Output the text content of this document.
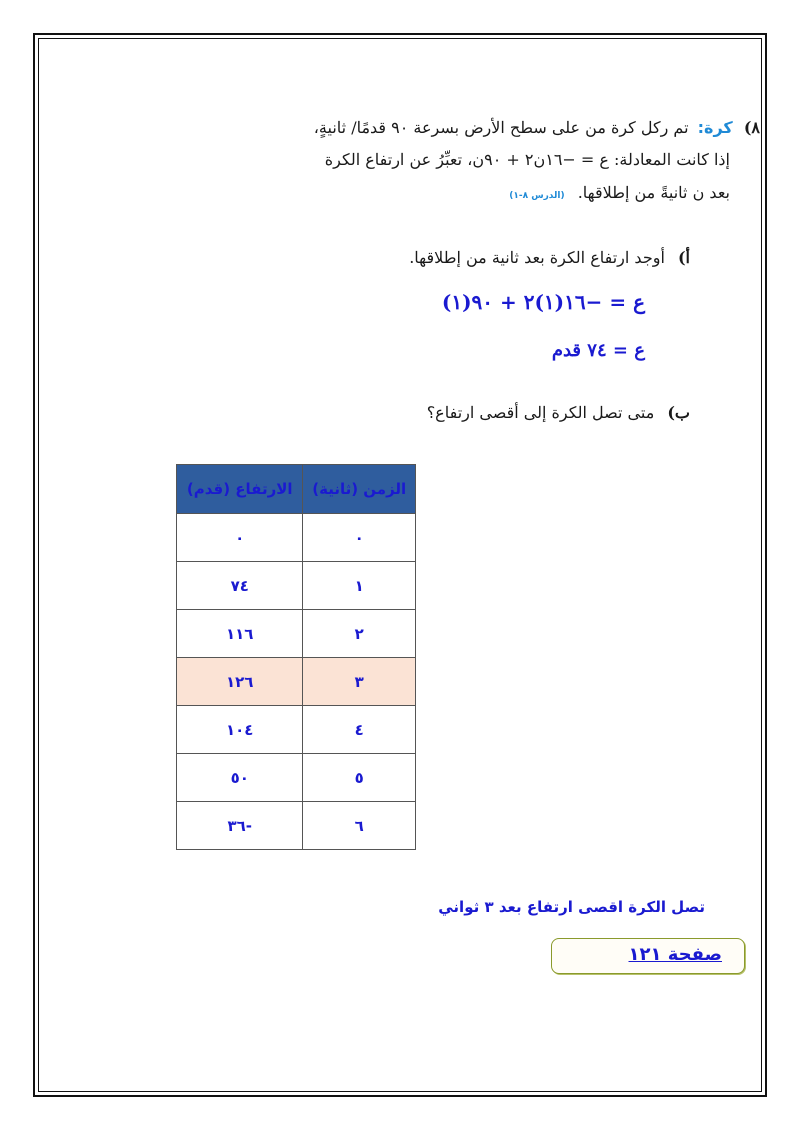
٨) كرة: تم ركل كرة من على سطح الأرض بسرعة ٩٠ قدمًا/ ثانيةٍ،
إذا كانت المعادلة: ع = −١٦ن٢ + ٩٠ن، تعبِّرُ عن ارتفاع الكرة
بعد ن ثانيةً من إطلاقها. (الدرس ٨-١)
أ) أوجد ارتفاع الكرة بعد ثانية من إطلاقها.
ع = −١٦(١)٢ + ٩٠(١)
ع = ٧٤ قدم
ب) متى تصل الكرة إلى أقصى ارتفاع؟
الزمن (ثانية)	الارتفاع (قدم)
٠	٠
١	٧٤
٢	١١٦
٣	١٢٦
٤	١٠٤
٥	٥٠
٦	-٣٦
تصل الكرة اقصى ارتفاع بعد ٣ ثواني
صفحة ١٢١
